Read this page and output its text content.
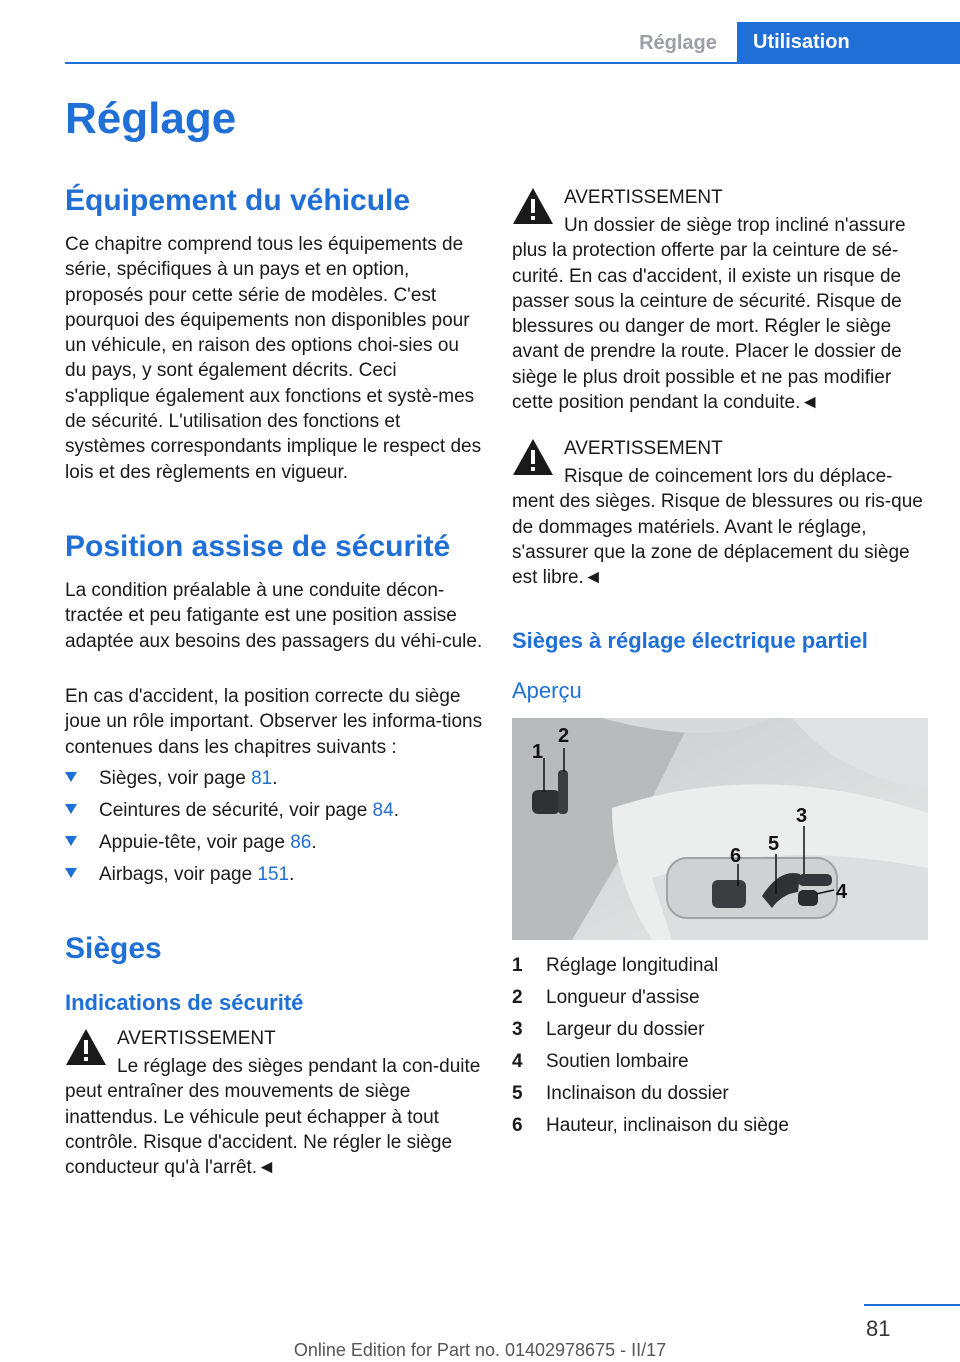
Réglage	Utilisation
Réglage
Équipement du véhicule

Ce chapitre comprend tous les équipements de série, spécifiques à un pays et en option, proposés pour cette série de modèles. C'est pourquoi des équipements non disponibles pour un véhicule, en raison des options choi-sies ou du pays, y sont également décrits. Ceci s'applique également aux fonctions et systè-mes de sécurité. L'utilisation des fonctions et systèmes correspondants implique le respect des lois et des règlements en vigueur.

Position assise de sécurité

La condition préalable à une conduite décon-tractée et peu fatigante est une position assise adaptée aux besoins des passagers du véhi-cule.

En cas d'accident, la position correcte du siège joue un rôle important. Observer les informa-tions contenues dans les chapitres suivants :

Sièges, voir page 81.
Ceintures de sécurité, voir page 84.
Appuie-tête, voir page 86.
Airbags, voir page 151.
Sièges
Indications de sécurité
AVERTISSEMENT

Le réglage des sièges pendant la con-duite peut entraîner des mouvements de siège inattendus. Le véhicule peut échapper à tout contrôle. Risque d'accident. Ne régler le siège conducteur qu'à l'arrêt.◄

AVERTISSEMENT

Un dossier de siège trop incliné n'assure plus la protection offerte par la ceinture de sé-curité. En cas d'accident, il existe un risque de passer sous la ceinture de sécurité. Risque de blessures ou danger de mort. Régler le siège avant de prendre la route. Placer le dossier de siège le plus droit possible et ne pas modifier cette position pendant la conduite.◄

AVERTISSEMENT

Risque de coincement lors du déplace-ment des sièges. Risque de blessures ou ris-que de dommages matériels. Avant le réglage, s'assurer que la zone de déplacement du siège est libre.◄

Sièges à réglage électrique partiel
Aperçu
1
2
3
4
5
6
1 Réglage longitudinal
2 Longueur d'assise
3 Largeur du dossier
4 Soutien lombaire
5 Inclinaison du dossier
6 Hauteur, inclinaison du siège
81
Online Edition for Part no. 01402978675 - II/17
